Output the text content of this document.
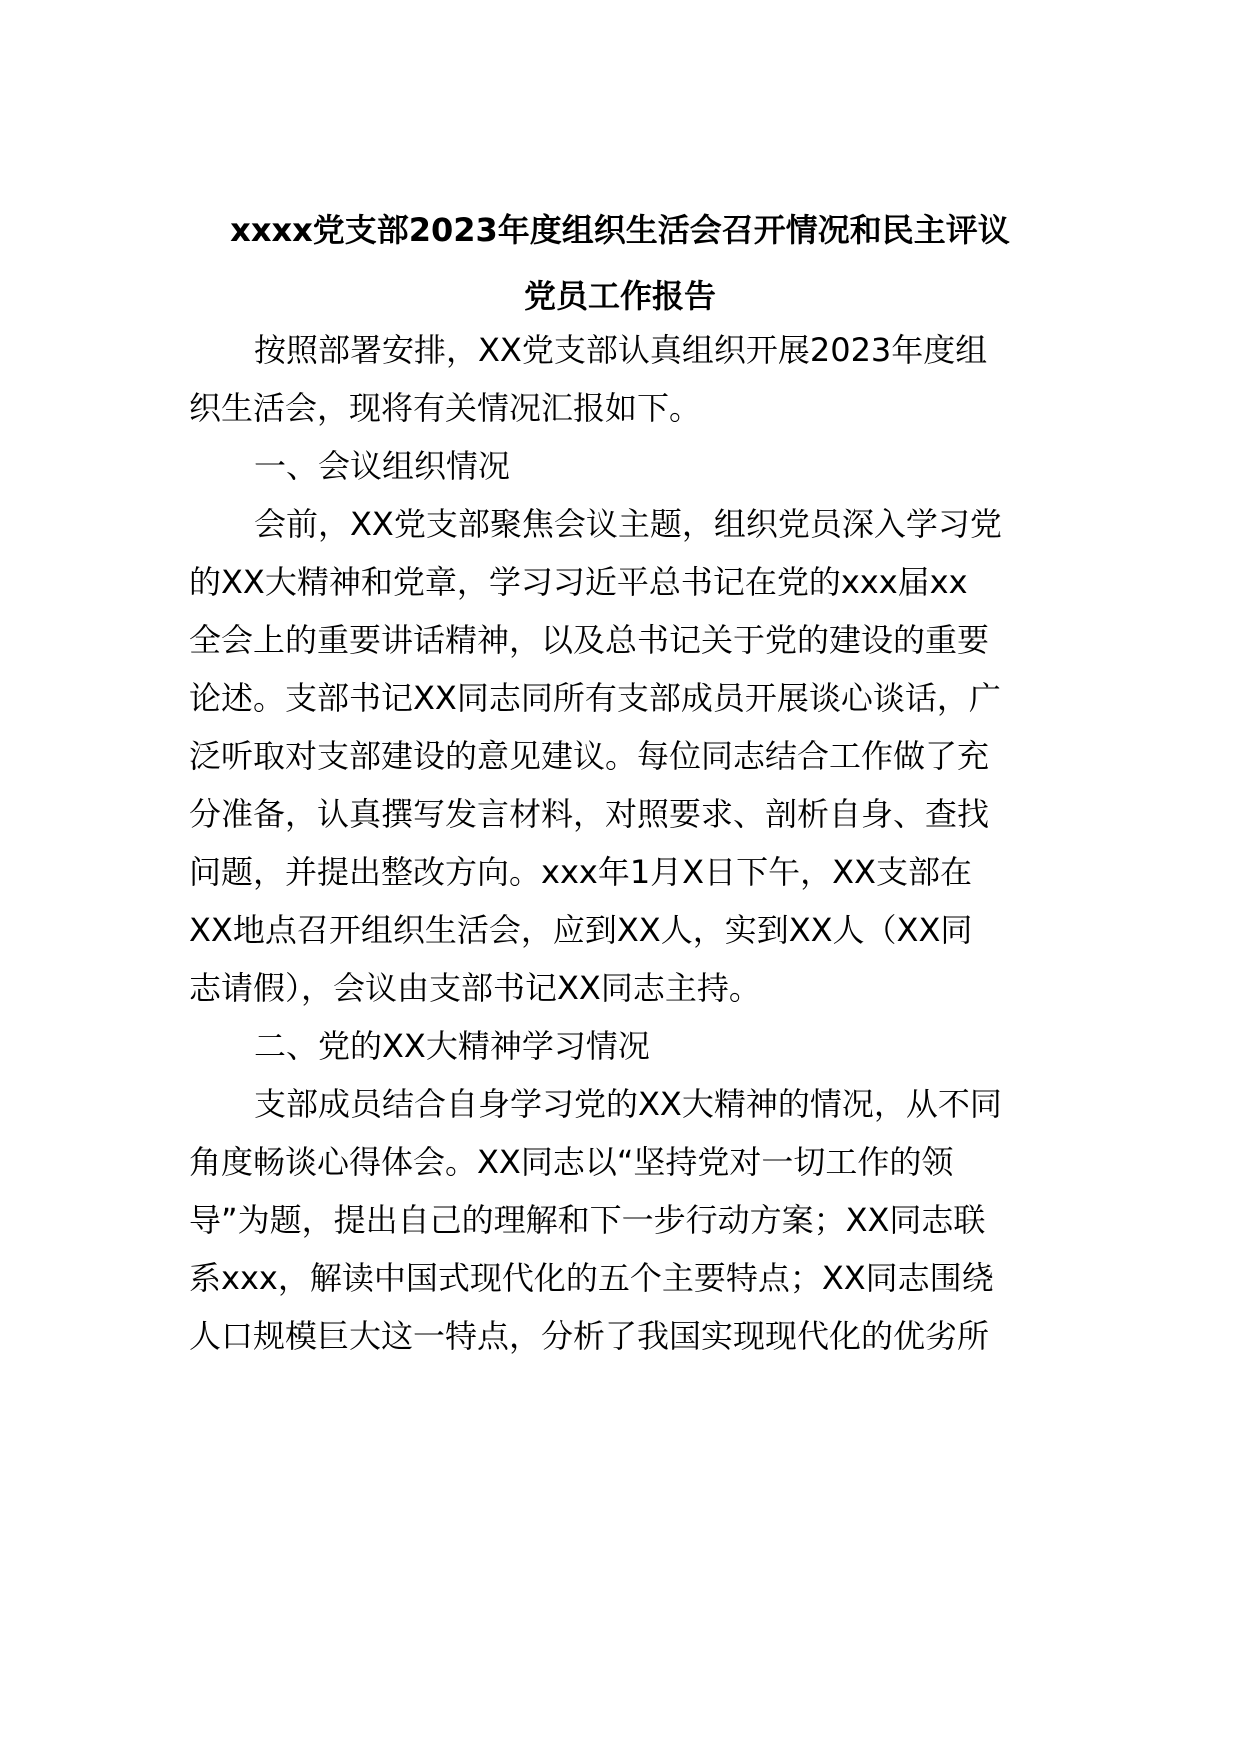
xxxx党支部2023年度组织生活会召开情况和民主评议
党员工作报告
按照部署安排，XX党支部认真组织开展2023年度组
织生活会，现将有关情况汇报如下。
一、会议组织情况
会前，XX党支部聚焦会议主题，组织党员深入学习党
的XX大精神和党章，学习习近平总书记在党的xxx届xx
全会上的重要讲话精神，以及总书记关于党的建设的重要
论述。支部书记XX同志同所有支部成员开展谈心谈话，广
泛听取对支部建设的意见建议。每位同志结合工作做了充
分准备，认真撰写发言材料，对照要求、剖析自身、查找
问题，并提出整改方向。xxx年1月X日下午，XX支部在
XX地点召开组织生活会，应到XX人，实到XX人（XX同
志请假），会议由支部书记XX同志主持。
二、党的XX大精神学习情况
支部成员结合自身学习党的XX大精神的情况，从不同
角度畅谈心得体会。XX同志以“坚持党对一切工作的领
导”为题，提出自己的理解和下一步行动方案；XX同志联
系xxx，解读中国式现代化的五个主要特点；XX同志围绕
人口规模巨大这一特点，分析了我国实现现代化的优劣所
